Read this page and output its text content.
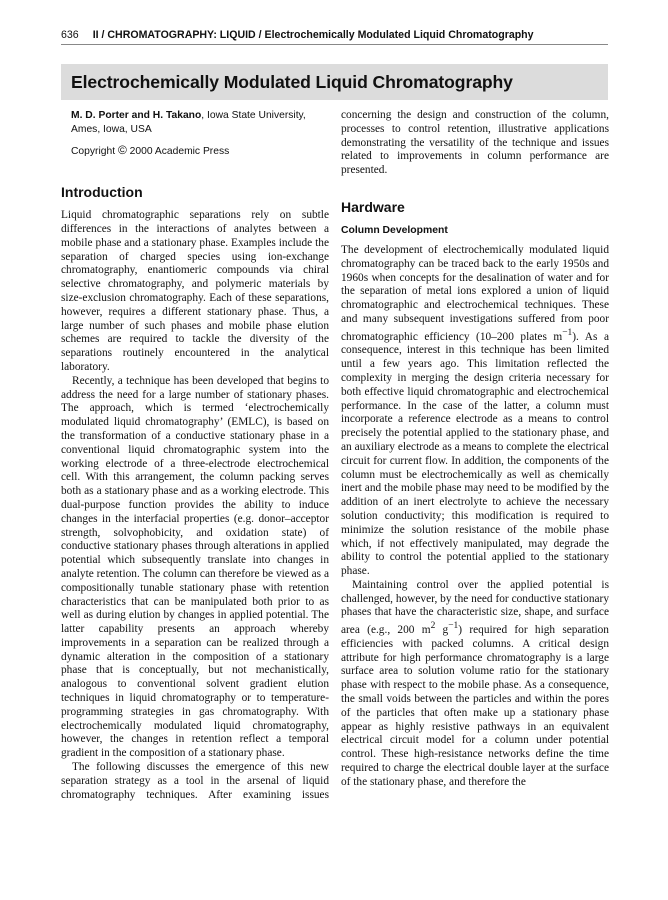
636 II / CHROMATOGRAPHY: LIQUID / Electrochemically Modulated Liquid Chromatography
Electrochemically Modulated Liquid Chromatography
M. D. Porter and H. Takano, Iowa State University, Ames, Iowa, USA
Copyright © 2000 Academic Press
Introduction

Liquid chromatographic separations rely on subtle differences in the interactions of analytes between a mobile phase and a stationary phase. Examples include the separation of charged species using ion-exchange chromatography, enantiomeric compounds via chiral selective chromatography, and polymeric materials by size-exclusion chromatography. Each of these separations, however, requires a different stationary phase. Thus, a large number of such phases and mobile phase elution schemes are required to tackle the diversity of the separations routinely encountered in the analytical laboratory.

Recently, a technique has been developed that begins to address the need for a large number of stationary phases. The approach, which is termed ‘electrochemically modulated liquid chromatography’ (EMLC), is based on the transformation of a conductive stationary phase in a conventional liquid chromatographic system into the working electrode of a three-electrode electrochemical cell. With this arrangement, the column packing serves both as a stationary phase and as a working electrode. This dual-purpose function provides the ability to induce changes in the interfacial properties (e.g. donor–acceptor strength, solvophobicity, and oxidation state) of conductive stationary phases through alterations in applied potential which subsequently translate into changes in analyte retention. The column can therefore be viewed as a compositionally tunable stationary phase with retention characteristics that can be manipulated both prior to as well as during elution by changes in applied potential. The latter capability presents an approach whereby improvements in a separation can be realized through a dynamic alteration in the composition of a stationary phase that is conceptually, but not mechanistically, analogous to conventional solvent gradient elution techniques in liquid chromatography or to temperature-programming strategies in gas chromatography. With electrochemically modulated liquid chromatography, however, the changes in retention reflect a temporal gradient in the composition of a stationary phase.

The following discusses the emergence of this new separation strategy as a tool in the arsenal of liquid chromatography techniques. After examining issues

concerning the design and construction of the column, processes to control retention, illustrative applications demonstrating the versatility of the technique and issues related to improvements in column performance are presented.

Hardware
Column Development

The development of electrochemically modulated liquid chromatography can be traced back to the early 1950s and 1960s when concepts for the desalination of water and for the separation of metal ions explored a union of liquid chromatographic and electrochemical techniques. These and many subsequent investigations suffered from poor chromatographic efficiency (10–200 plates $m^{-1}$). As a consequence, interest in this technique has been limited until a few years ago. This limitation reflected the complexity in merging the design criteria necessary for both effective liquid chromatographic and electrochemical performance. In the case of the latter, a column must incorporate a reference electrode as a means to control precisely the potential applied to the stationary phase, and an auxiliary electrode as a means to complete the electrical circuit for current flow. In addition, the components of the column must be electrochemically as well as chemically inert and the mobile phase may need to be modified by the addition of an inert electrolyte to achieve the necessary solution conductivity; this modification is required to minimize the solution resistance of the mobile phase which, if not effectively manipulated, may degrade the ability to control the potential applied to the stationary phase.

Maintaining control over the applied potential is challenged, however, by the need for conductive stationary phases that have the characteristic size, shape, and surface area (e.g., 200 $m^2$ $g^{-1}$) required for high separation efficiencies with packed columns. A critical design attribute for high performance chromatography is a large surface area to solution volume ratio for the stationary phase with respect to the mobile phase. As a consequence, the small voids between the particles and within the pores of the particles that often make up a stationary phase appear as highly resistive pathways in an equivalent electrical circuit model for a column under potential control. These high-resistance networks define the time required to charge the electrical double layer at the surface of the stationary phase, and therefore the
